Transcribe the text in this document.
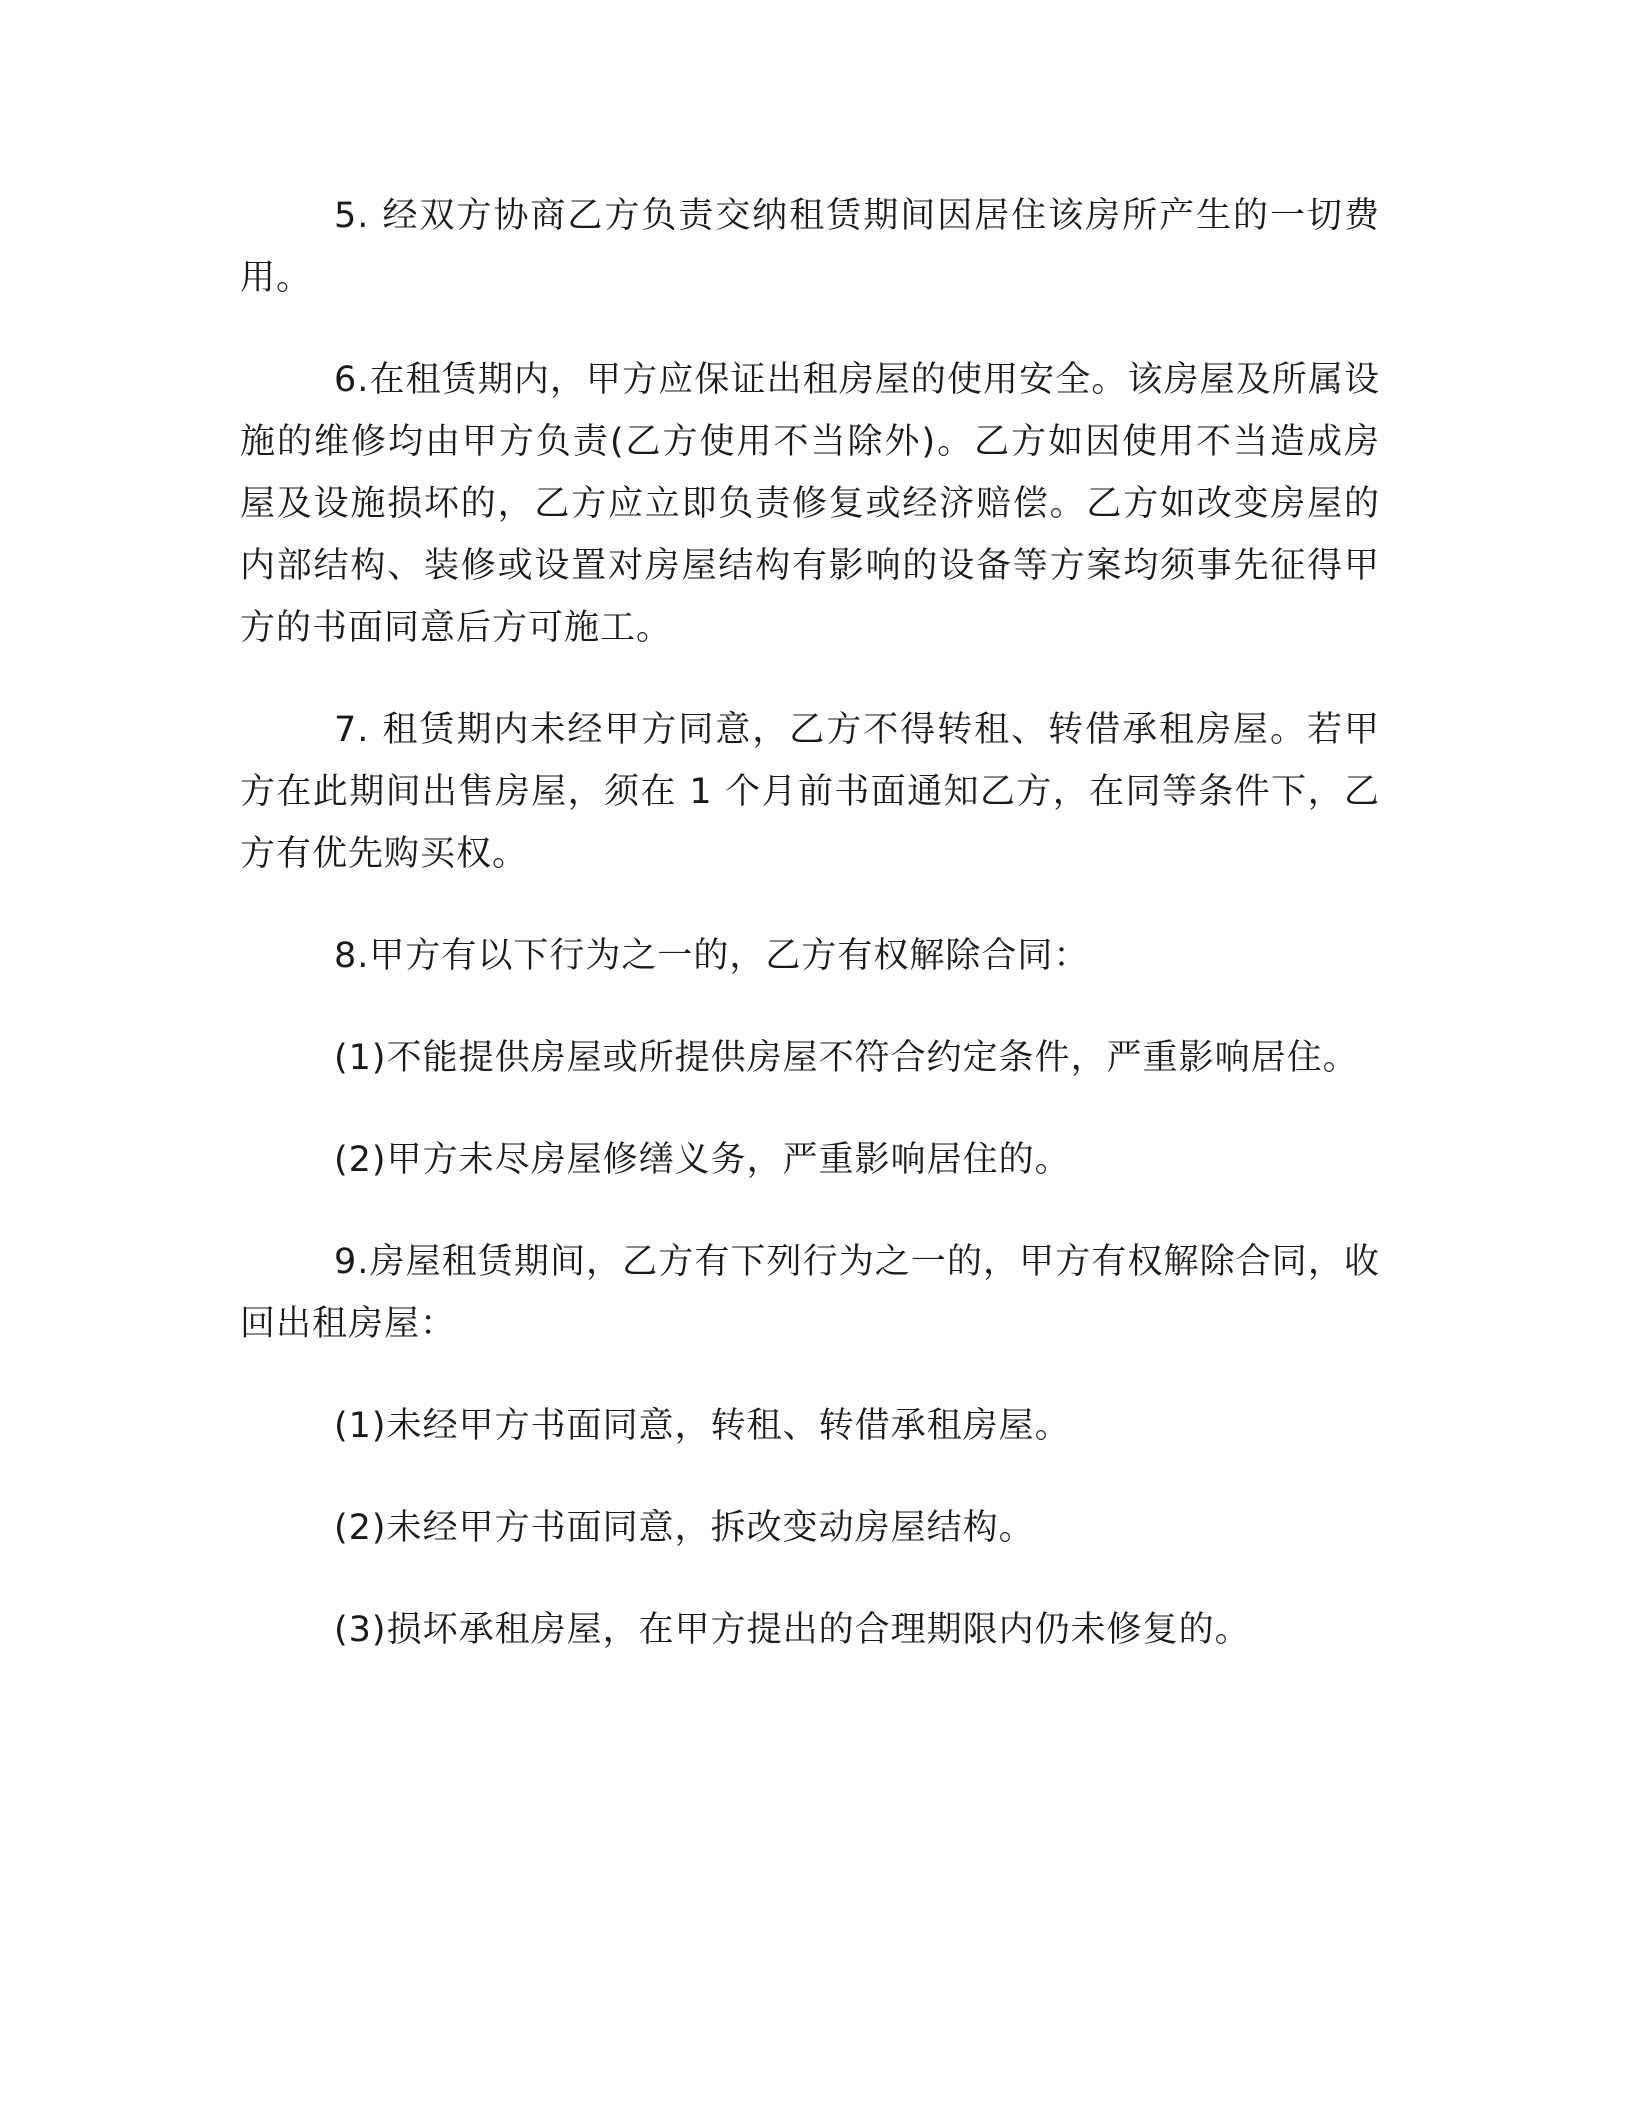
5. 经双方协商乙方负责交纳租赁期间因居住该房所产生的一切费用。

6.在租赁期内，甲方应保证出租房屋的使用安全。该房屋及所属设施的维修均由甲方负责(乙方使用不当除外)。乙方如因使用不当造成房屋及设施损坏的，乙方应立即负责修复或经济赔偿。乙方如改变房屋的内部结构、装修或设置对房屋结构有影响的设备等方案均须事先征得甲方的书面同意后方可施工。

7. 租赁期内未经甲方同意，乙方不得转租、转借承租房屋。若甲方在此期间出售房屋，须在 1 个月前书面通知乙方，在同等条件下，乙方有优先购买权。

8.甲方有以下行为之一的，乙方有权解除合同：

(1)不能提供房屋或所提供房屋不符合约定条件，严重影响居住。

(2)甲方未尽房屋修缮义务，严重影响居住的。

9.房屋租赁期间，乙方有下列行为之一的，甲方有权解除合同，收回出租房屋：

(1)未经甲方书面同意，转租、转借承租房屋。

(2)未经甲方书面同意，拆改变动房屋结构。

(3)损坏承租房屋，在甲方提出的合理期限内仍未修复的。
